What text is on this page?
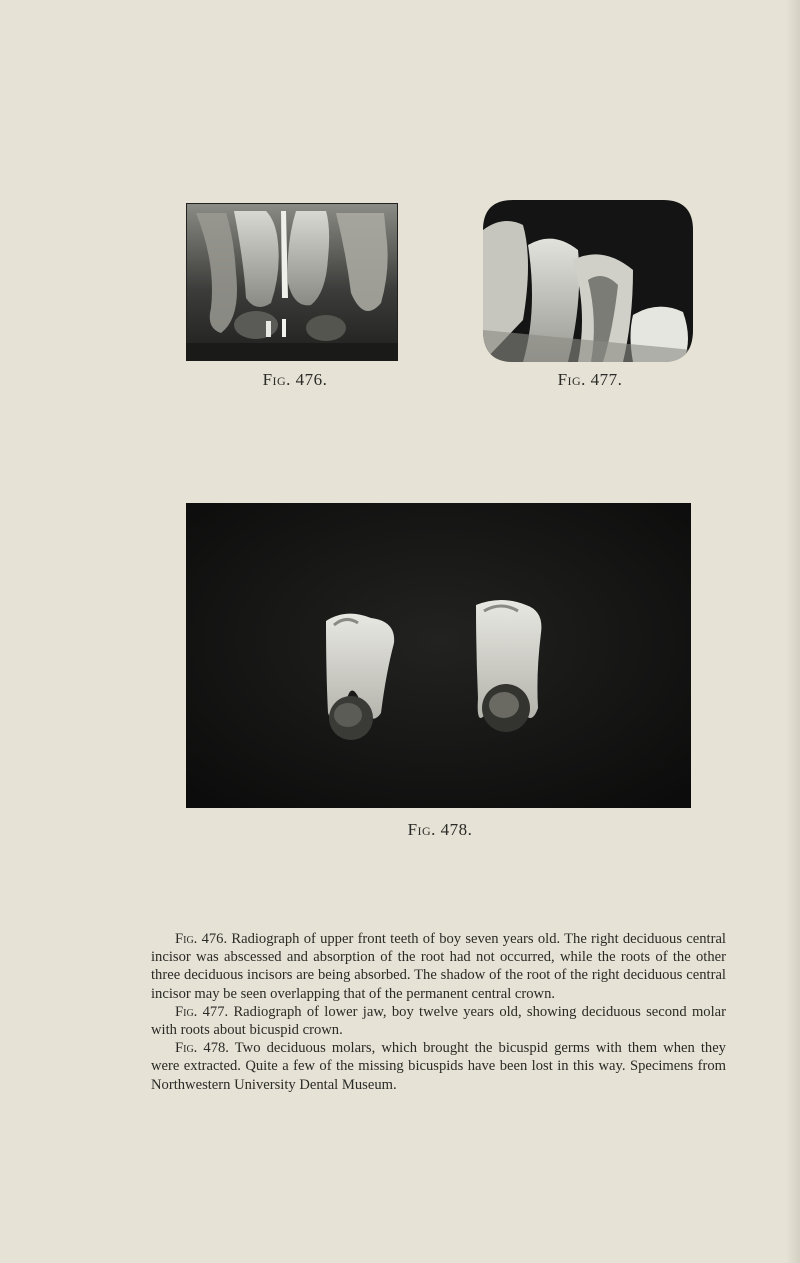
Fig. 476.	Fig. 477.
Fig. 478.

Fig. 476. Radiograph of upper front teeth of boy seven years old. The right deciduous central incisor was abscessed and absorption of the root had not occurred, while the roots of the other three deciduous incisors are being absorbed. The shadow of the root of the right deciduous central incisor may be seen overlapping that of the permanent central crown.

Fig. 477. Radiograph of lower jaw, boy twelve years old, showing deciduous second molar with roots about bicuspid crown.

Fig. 478. Two deciduous molars, which brought the bicuspid germs with them when they were extracted. Quite a few of the missing bicuspids have been lost in this way. Specimens from Northwestern University Dental Museum.
